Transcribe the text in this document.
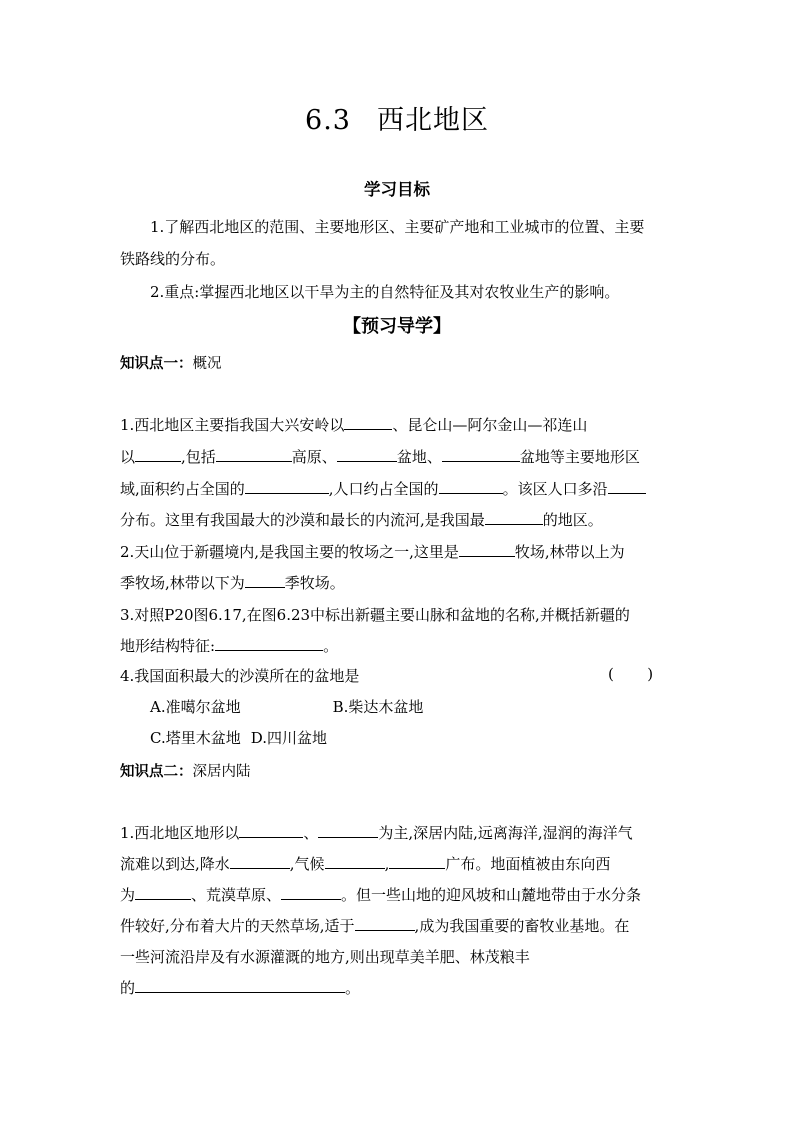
6.3 西北地区
学习目标
1.了解西北地区的范围、主要地形区、主要矿产地和工业城市的位置、主要
铁路线的分布。
2.重点:掌握西北地区以干旱为主的自然特征及其对农牧业生产的影响。
【预习导学】
知识点一：概况
1.西北地区主要指我国大兴安岭以	、昆仑山—阿尔金山—祁连山
以	,包括	高原、	盆地、	盆地等主要地形区
域,面积约占全国的	,人口约占全国的	。该区人口多沿
分布。这里有我国最大的沙漠和最长的内流河,是我国最	的地区。
2.天山位于新疆境内,是我国主要的牧场之一,这里是	牧场,林带以上为
季牧场,林带以下为	季牧场。
3.对照P20图6.17,在图6.23中标出新疆主要山脉和盆地的名称,并概括新疆的
地形结构特征:	。
4.我国面积最大的沙漠所在的盆地是	(       )
A.准噶尔盆地	B.柴达木盆地
C.塔里木盆地 D.四川盆地
知识点二：深居内陆
1.西北地区地形以	、	为主,深居内陆,远离海洋,湿润的海洋气
流难以到达,降水	,气候	,	广布。地面植被由东向西
为	、荒漠草原、	。但一些山地的迎风坡和山麓地带由于水分条
件较好,分布着大片的天然草场,适于	,成为我国重要的畜牧业基地。在
一些河流沿岸及有水源灌溉的地方,则出现草美羊肥、林茂粮丰
的	。
